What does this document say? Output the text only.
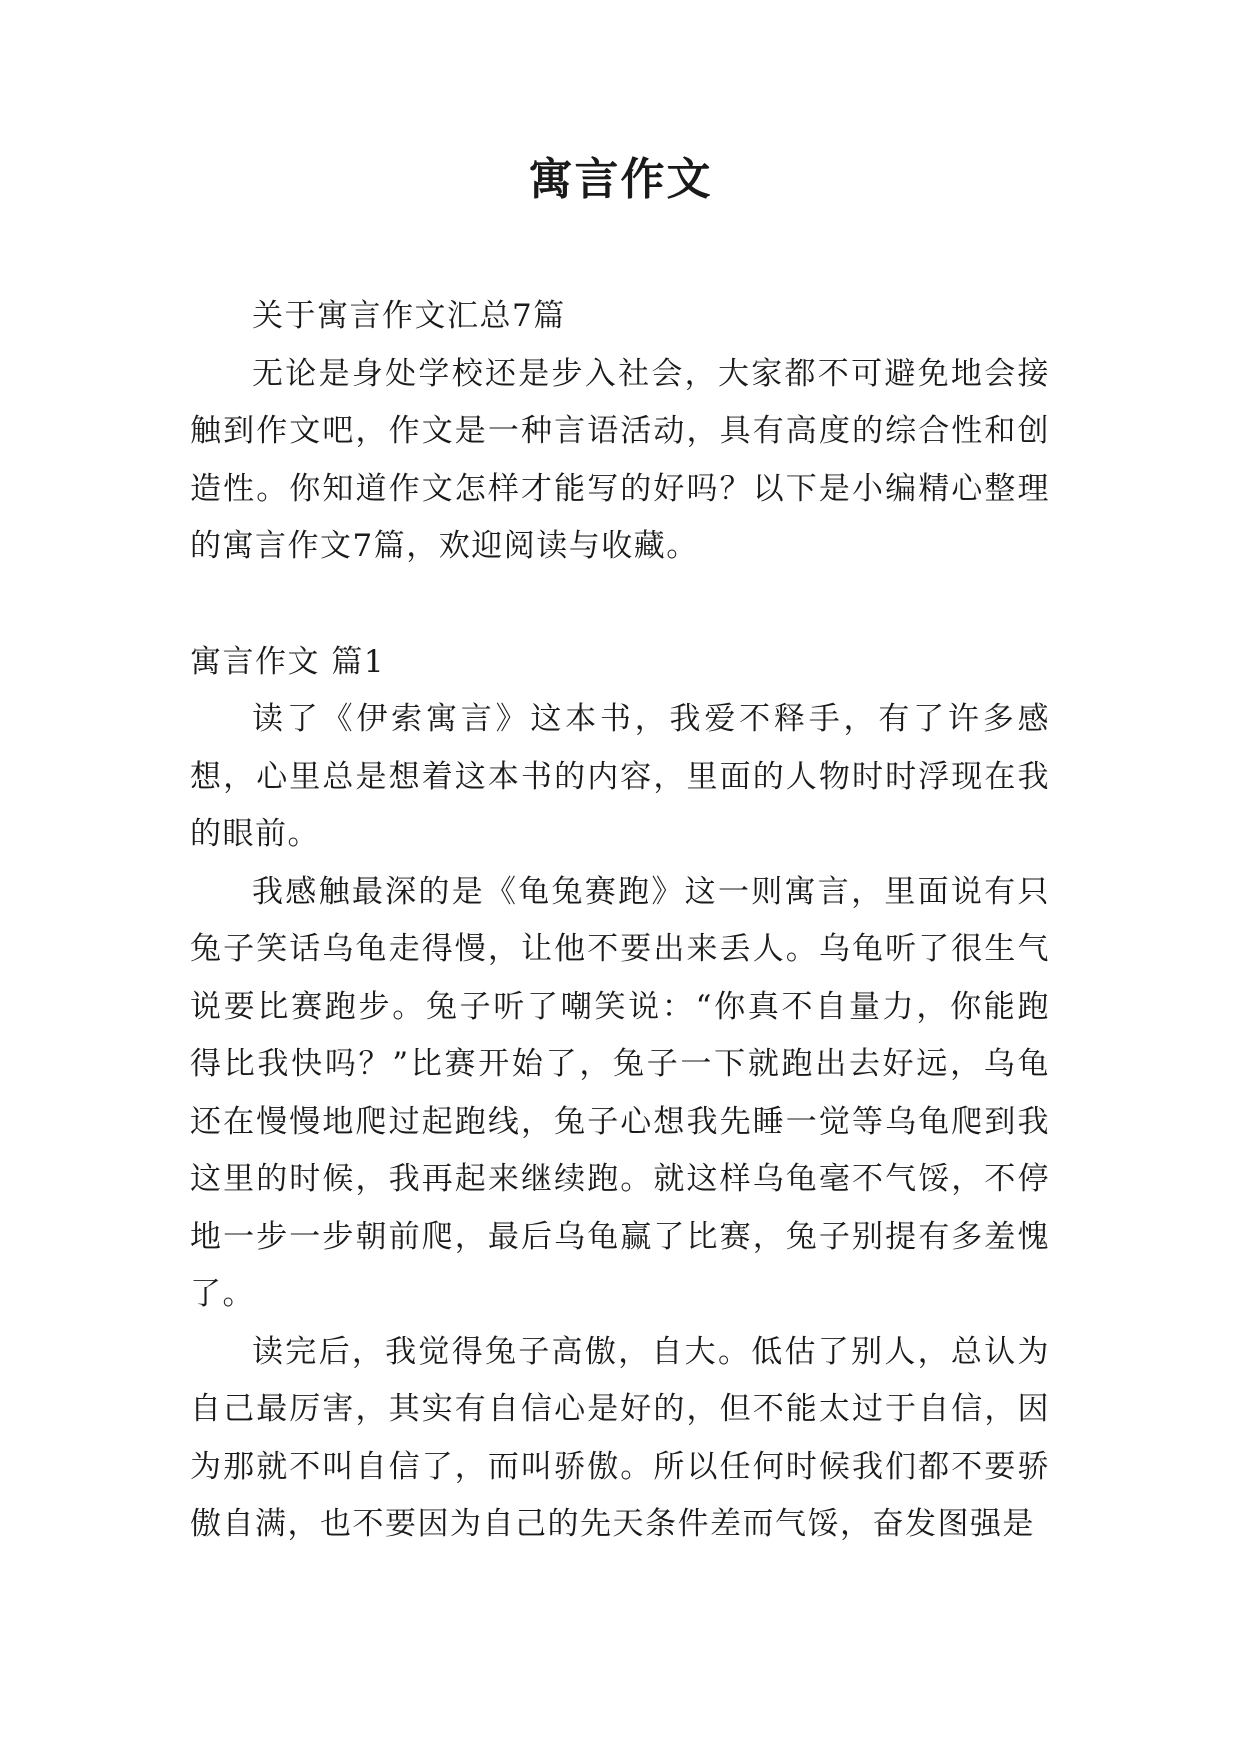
寓言作文

关于寓言作文汇总7篇

无论是身处学校还是步入社会，大家都不可避免地会接触到作文吧，作文是一种言语活动，具有高度的综合性和创造性。你知道作文怎样才能写的好吗？以下是小编精心整理的寓言作文7篇，欢迎阅读与收藏。

寓言作文 篇1

读了《伊索寓言》这本书，我爱不释手，有了许多感想，心里总是想着这本书的内容，里面的人物时时浮现在我的眼前。

我感触最深的是《龟兔赛跑》这一则寓言，里面说有只兔子笑话乌龟走得慢，让他不要出来丢人。乌龟听了很生气说要比赛跑步。兔子听了嘲笑说：“你真不自量力，你能跑得比我快吗？”比赛开始了，兔子一下就跑出去好远，乌龟还在慢慢地爬过起跑线，兔子心想我先睡一觉等乌龟爬到我这里的时候，我再起来继续跑。就这样乌龟毫不气馁，不停地一步一步朝前爬，最后乌龟赢了比赛，兔子别提有多羞愧了。

读完后，我觉得兔子高傲，自大。低估了别人，总认为自己最厉害，其实有自信心是好的，但不能太过于自信，因为那就不叫自信了，而叫骄傲。所以任何时候我们都不要骄傲自满，也不要因为自己的先天条件差而气馁，奋发图强是
